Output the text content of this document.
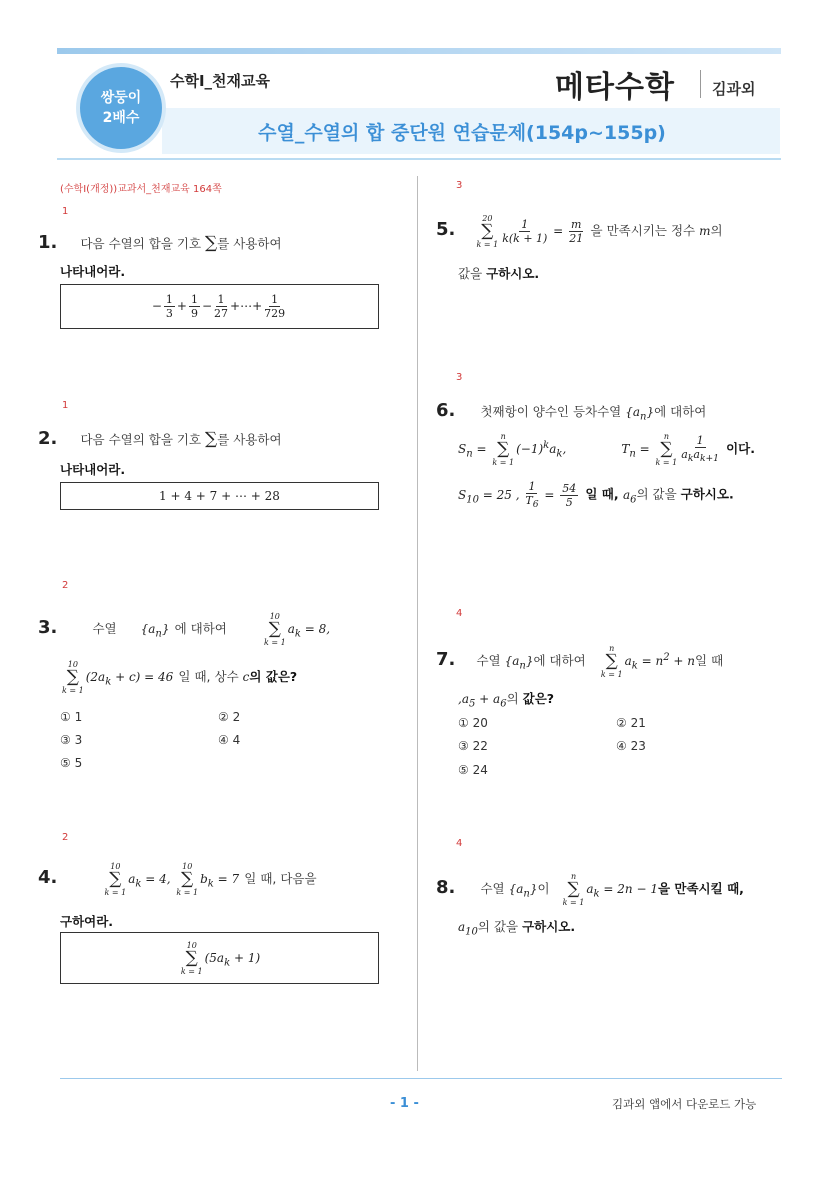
쌍둥이
2배수
수학Ⅰ_천재교육	메타수학 김과외
수열_수열의 합 중단원 연습문제(154p~155p)
(수학I(개정))교과서_천재교육 164쪽
1
1. 다음 수열의 합을 기호 ∑를 사용하여
나타내어라.
− $\frac{1}{3} + \frac{1}{9} - \frac{1}{27}$ +⋯+ $\frac{1}{729}$
1
2. 다음 수열의 합을 기호 ∑를 사용하여
나타내어라.
1 + 4 + 7 + ⋯ + 28
2
3.	수열 $\{a_n\}$ 에 대하여
10
∑
k = 1
$a_k = 8$,
10
∑
k = 1
$(2a_k + c) = 46$ 일 때, 상수 c의 값은?
① 1	② 2
③ 3	④ 4
⑤ 5
2
4.
10
∑
k = 1
$a_k = 4$,
10
∑
k = 1
$b_k = 7$ 일 때, 다음을
구하여라.
10
∑
k = 1
$(5a_k + 1)$
3
5.
20
∑
$k = 1 \frac{1}{k(k + 1)} = \frac{m}{21}$ 을 만족시키는 정수 m의
값을 구하시오.
3
6. 첫째항이 양수인 등차수열 $\{a_n\}$에 대하여
$S_n$ =
n
∑
k = 1
$(-1)^ka_k$,	$T_n$ =
n
∑
$k = 1 \frac{1}{a_ka_{k+1}}$ 이다.
$S_{10} = 25$ , $\frac{1}{T_6} = \frac{54}{5}$ 일 때, $a_6$의 값을 구하시오.
4
7. 수열 $\{a_n\}$에 대하여
n
∑
k = 1
$a_k = n^2 + n$일 때
$,a_5 + a_6$의 값은?
① 20	② 21
③ 22	④ 23
⑤ 24
4
8. 수열 $\{a_n\}$이
n
∑
k = 1
$a_k = 2n - 1$을 만족시킬 때,
$a_{10}$의 값을 구하시오.
- 1 -	김과외 앱에서 다운로드 가능
